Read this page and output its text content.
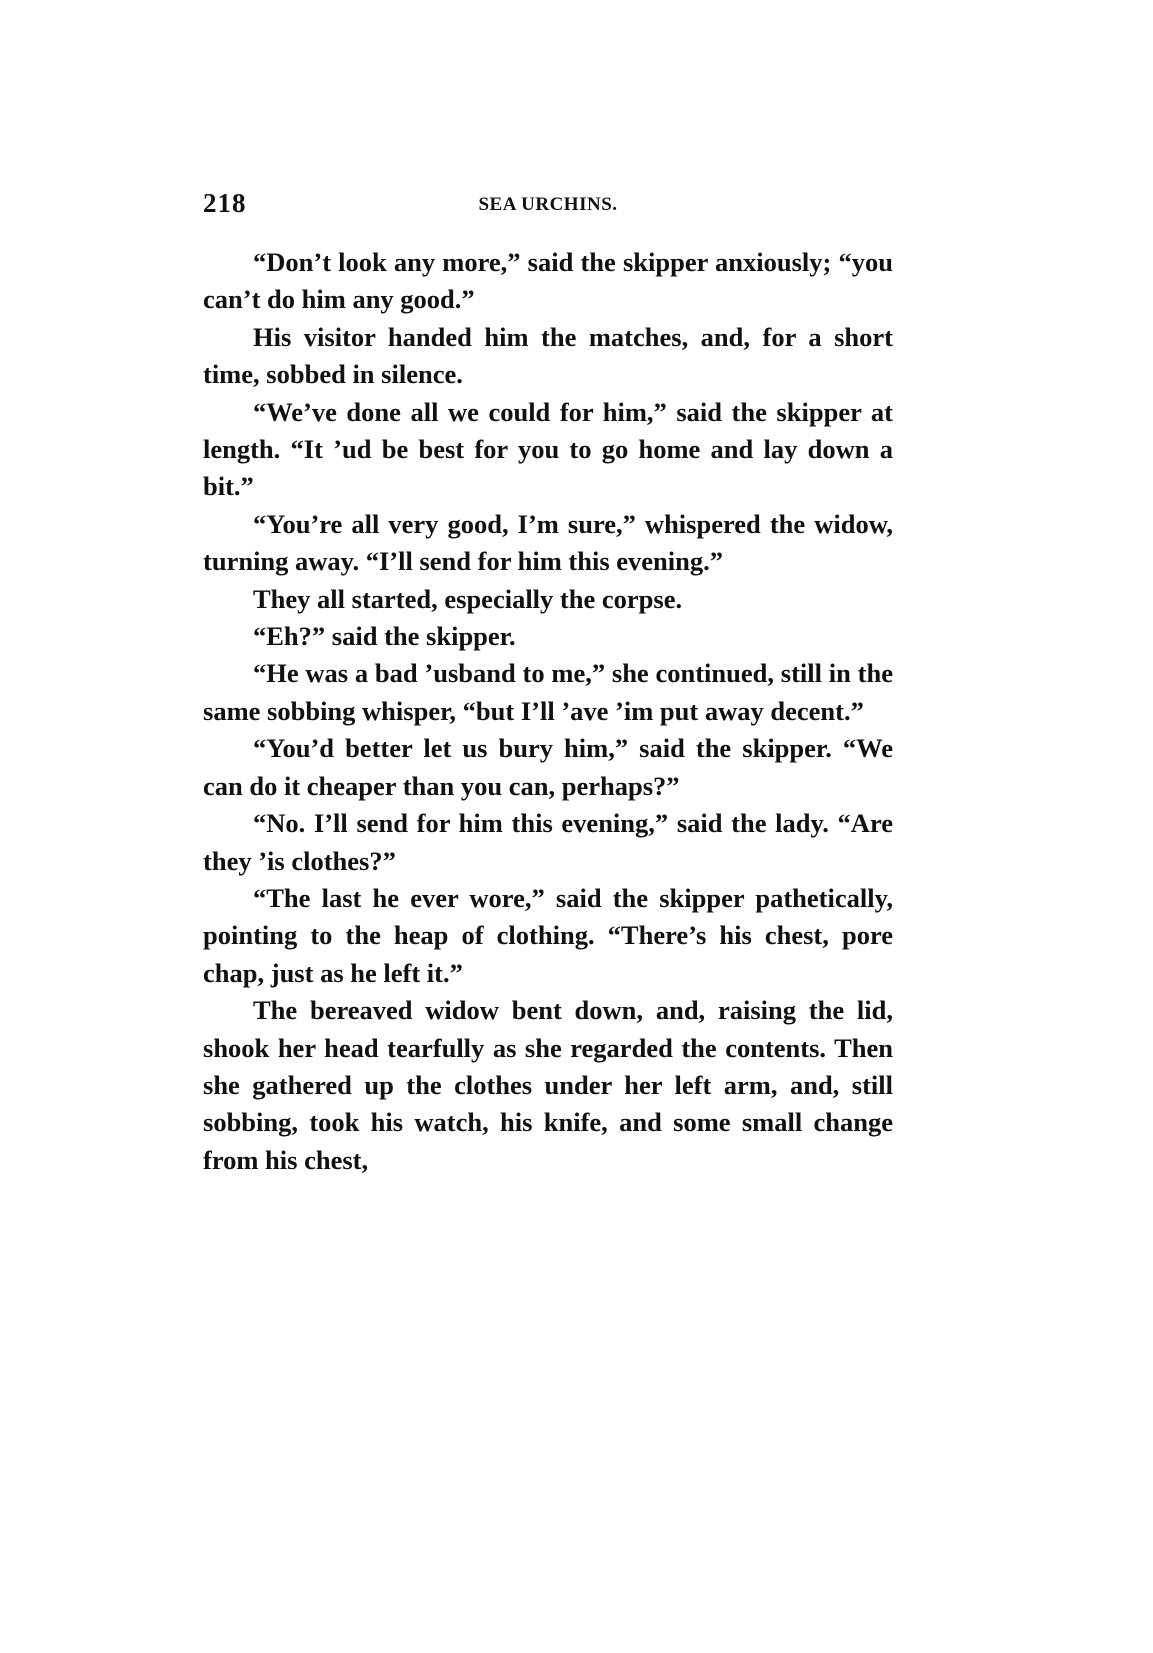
218	SEA URCHINS.

“Don’t look any more,” said the skipper anxiously; “you can’t do him any good.”

His visitor handed him the matches, and, for a short time, sobbed in silence.

“We’ve done all we could for him,” said the skipper at length. “It ’ud be best for you to go home and lay down a bit.”

“You’re all very good, I’m sure,” whispered the widow, turning away. “I’ll send for him this evening.”

They all started, especially the corpse.

“Eh?” said the skipper.

“He was a bad ’usband to me,” she continued, still in the same sobbing whisper, “but I’ll ’ave ’im put away decent.”

“You’d better let us bury him,” said the skipper. “We can do it cheaper than you can, perhaps?”

“No. I’ll send for him this evening,” said the lady. “Are they ’is clothes?”

“The last he ever wore,” said the skipper pathetically, pointing to the heap of clothing. “There’s his chest, pore chap, just as he left it.”

The bereaved widow bent down, and, raising the lid, shook her head tearfully as she regarded the contents. Then she gathered up the clothes under her left arm, and, still sobbing, took his watch, his knife, and some small change from his chest,
